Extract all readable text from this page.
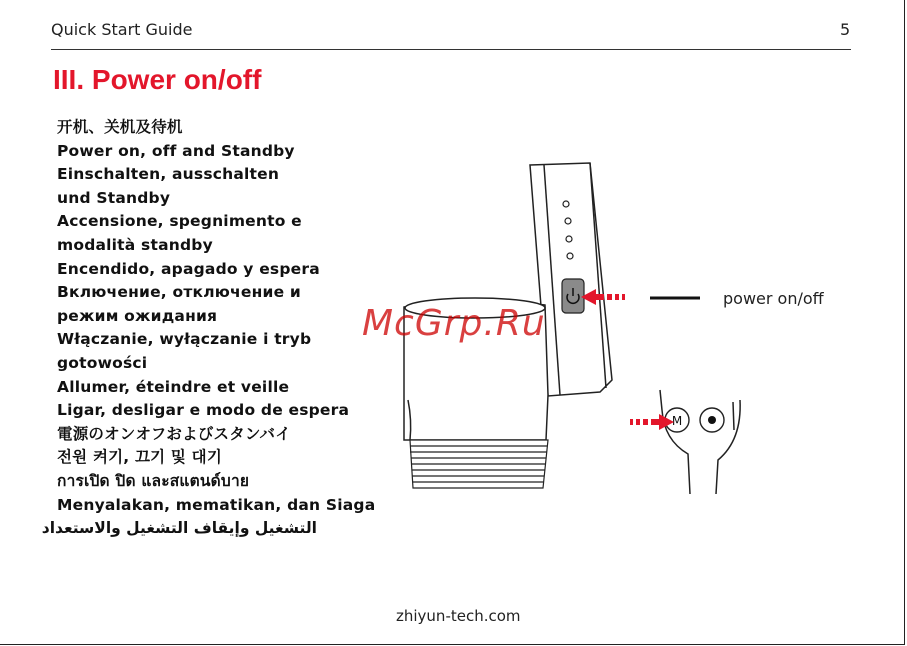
Quick Start Guide	5
III. Power on/off
开机、关机及待机
Power on, off and Standby
Einschalten, ausschalten
und Standby
Accensione, spegnimento e
modalità standby
Encendido, apagado y espera
Включение, отключение и
режим ожидания
Włączanie, wyłączanie i tryb
gotowości
Allumer, éteindre et veille
Ligar, desligar e modo de espera
電源のオンオフおよびスタンバイ
전원 켜기, 끄기 및 대기
การเปิด ปิด และสแตนด์บาย
Menyalakan, mematikan, dan Siaga
التشغيل وإيقاف التشغيل والاستعداد
M
power on/off
McGrp.Ru
zhiyun-tech.com
